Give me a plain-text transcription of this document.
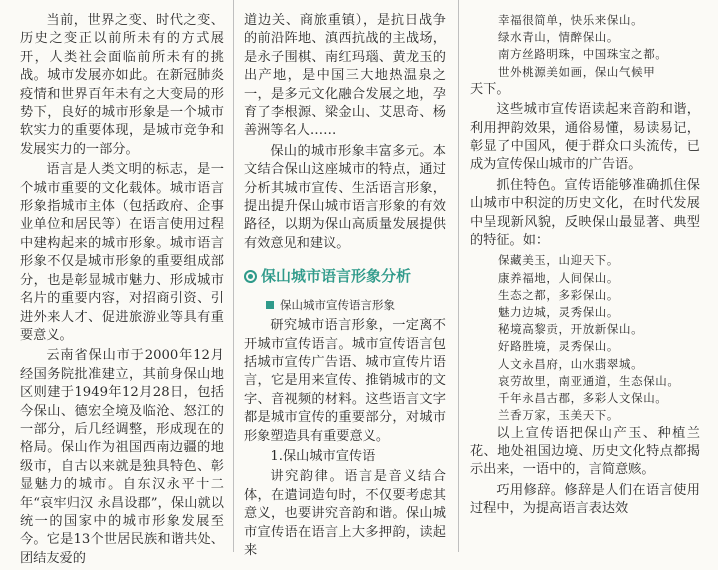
当前，世界之变、时代之变、历史之变正以前所未有的方式展开，人类社会面临前所未有的挑战。城市发展亦如此。在新冠肺炎疫情和世界百年未有之大变局的形势下，良好的城市形象是一个城市软实力的重要体现，是城市竞争和发展实力的一部分。

语言是人类文明的标志，是一个城市重要的文化载体。城市语言形象指城市主体（包括政府、企事业单位和居民等）在语言使用过程中建构起来的城市形象。城市语言形象不仅是城市形象的重要组成部分，也是彰显城市魅力、形成城市名片的重要内容，对招商引资、引进外来人才、促进旅游业等具有重要意义。

云南省保山市于2000年12月经国务院批准建立，其前身保山地区则建于1949年12月28日，包括今保山、德宏全境及临沧、怒江的一部分，后几经调整，形成现在的格局。保山作为祖国西南边疆的地级市，自古以来就是独具特色、彰显魅力的城市。自东汉永平十二年“哀牢归汉 永昌设郡”，保山就以统一的国家中的城市形象发展至今。它是13个世居民族和谐共处、团结友爱的

道边关、商旅重镇），是抗日战争的前沿阵地、滇西抗战的主战场，是永子围棋、南红玛瑙、黄龙玉的出产地，是中国三大地热温泉之一，是多元文化融合发展之地，孕育了李根源、梁金山、艾思奇、杨善洲等名人……

保山的城市形象丰富多元。本文结合保山这座城市的特点，通过分析其城市宣传、生活语言形象，提出提升保山城市语言形象的有效路径，以期为保山高质量发展提供有效意见和建议。

保山城市语言形象分析
保山城市宣传语言形象

研究城市语言形象，一定离不开城市宣传语言。城市宣传语言包括城市宣传广告语、城市宣传片语言，它是用来宣传、推销城市的文字、音视频的材料。这些语言文字都是城市宣传的重要部分，对城市形象塑造具有重要意义。

1.保山城市宣传语

讲究韵律。语言是音义结合体，在遣词造句时，不仅要考虑其意义，也要讲究音韵和谐。保山城市宣传语在语言上大多押韵，读起来

幸福很简单，快乐来保山。
绿水青山，情醉保山。
南方丝路明珠，中国珠宝之都。
世外桃源美如画，保山气候甲

天下。

这些城市宣传语读起来音韵和谐，利用押韵效果，通俗易懂，易读易记，彰显了中国风，便于群众口头流传，已成为宣传保山城市的广告语。

抓住特色。宣传语能够准确抓住保山城市中积淀的历史文化，在时代发展中呈现新风貌，反映保山最显著、典型的特征。如：

保藏美玉，山迎天下。
康养福地，人间保山。
生态之都，多彩保山。
魅力边城，灵秀保山。
秘境高黎贡，开放新保山。
好路胜境，灵秀保山。
人文永昌府，山水翡翠城。
哀劳故里，南亚通道，生态保山。
千年永昌古郡，多彩人文保山。
兰香万家，玉美天下。

以上宣传语把保山产玉、种植兰花、地处祖国边境、历史文化特点都揭示出来，一语中的，言简意赅。

巧用修辞。修辞是人们在语言使用过程中，为提高语言表达效
